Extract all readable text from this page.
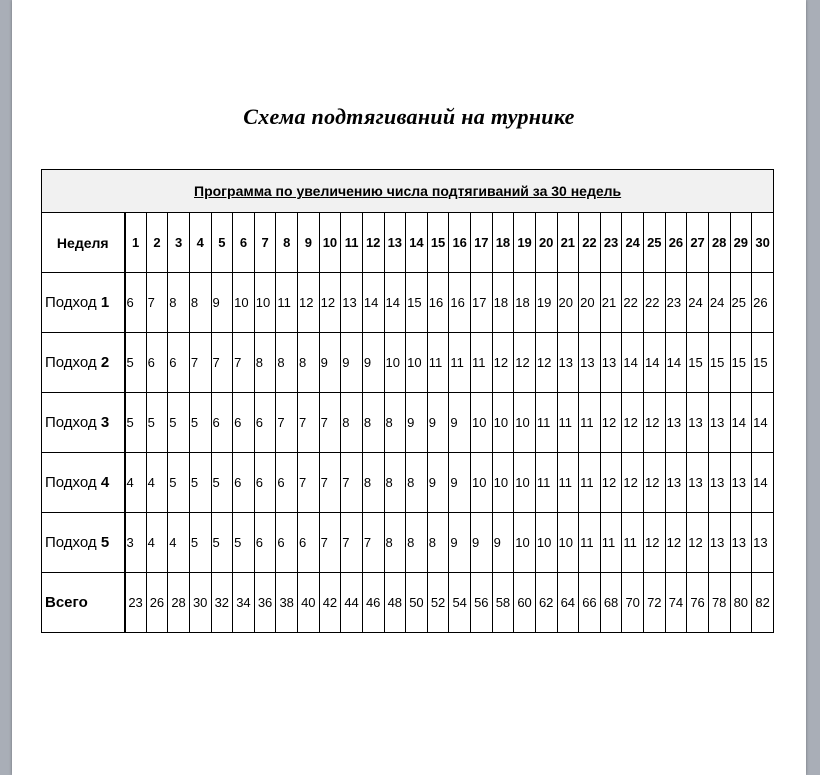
Схема подтягиваний на турнике
Программа по увеличению числа подтягиваний за 30 недель																														
Неделя	1	2	3	4	5	6	7	8	9	10	11	12	13	14	15	16	17	18	19	20	21	22	23	24	25	26	27	28	29	30
Подход 1	6	7	8	8	9	10	10	11	12	12	13	14	14	15	16	16	17	18	18	19	20	20	21	22	22	23	24	24	25	26
Подход 2	5	6	6	7	7	7	8	8	8	9	9	9	10	10	11	11	11	12	12	12	13	13	13	14	14	14	15	15	15	15
Подход 3	5	5	5	5	6	6	6	7	7	7	8	8	8	9	9	9	10	10	10	11	11	11	12	12	12	13	13	13	14	14
Подход 4	4	4	5	5	5	6	6	6	7	7	7	8	8	8	9	9	10	10	10	11	11	11	12	12	12	13	13	13	13	14
Подход 5	3	4	4	5	5	5	6	6	6	7	7	7	8	8	8	9	9	9	10	10	10	11	11	11	12	12	12	13	13	13
Всего	23	26	28	30	32	34	36	38	40	42	44	46	48	50	52	54	56	58	60	62	64	66	68	70	72	74	76	78	80	82
